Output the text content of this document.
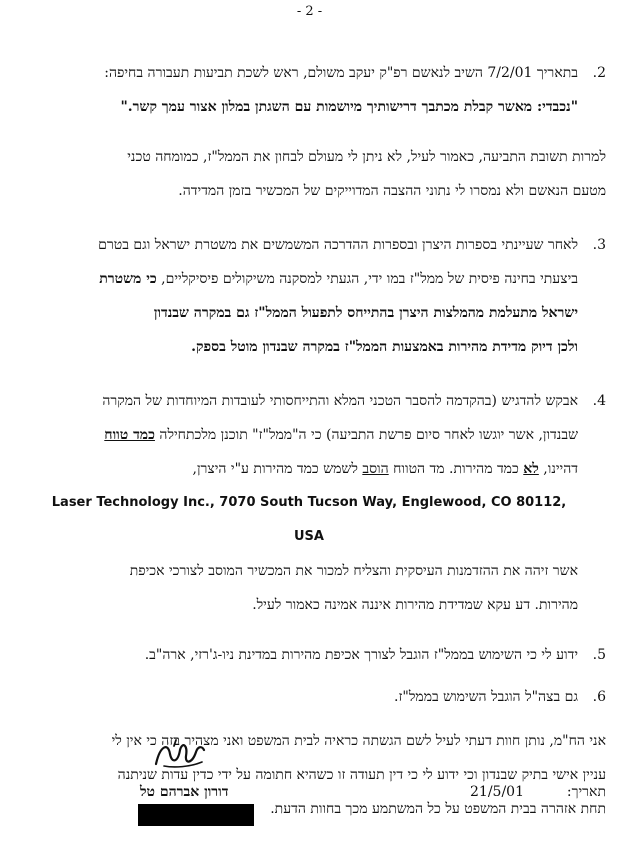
- 2 -
.2
בתאריך 7/2/01 השיב לנאשם רפ"ק יעקב משולם, ראש לשכת תביעות תעבורה בחיפה:
"נכבדי: מאשר קבלת מכתבך דרישותיך מיושמות עם השגתן במלון אצור עמך קשר."
למרות תשובת התביעה, כאמור לעיל, לא ניתן לי מעולם לבחון את הממל"ז, כמומחה טכני
מטעם הנאשם ולא נמסרו לי נתוני ההצבה המדוייקים של המכשיר בזמן המדידה.
.3
לאחר שעיינתי בספרות היצרן ובספרות ההדרכה המשמשים את משטרת ישראל וגם בטרם
ביצעתי בחינה פיסית של ממל"ז במו ידי, הגעתי למסקנה משיקולים פיסיקליים, כי משטרת
ישראל מתעלמת מהמלצות היצרן בהתייחס לתפעול הממל"ז גם במקרה שבנדון
ולכן דיוק מדידת מהירות באמצעות הממל"ז במקרה שבנדון מוטל בספק.
.4
אבקש להדגיש (בהקדמה להסבר הטכני המלא והתייחסותי לעובדות המיוחדות של המקרה
שבנדון, אשר יוגשו לאחר סיום פרשת התביעה) כי ה"ממל"ז" תוכנן מלכתחילה כמד טווח
דהיינו, לא כמד מהירות. מד הטווח הוסב לשמש כמד מהירות ע"י היצרן,
Laser Technology Inc., 7070 South Tucson Way, Englewood, CO 80112, USA
אשר זיהה את ההזדמנות העיסקית והצליח למכור את המכשיר המוסב לצורכי אכיפת
מהירות. דע עקא שמדידת מהירות איננה אמינה כאמור לעיל.
.5
ידוע לי כי השימוש בממל"ז הוגבל לצורך אכיפת מהירות במדינת ניו-ג'רזי, ארה"ב.
.6
גם בצה"ל הוגבל השימוש בממל"ז.
אני הח"מ, נותן חוות דעתי לעיל לשם הגשתה כראיה לבית המשפט ואני מצהיר בזה כי אין לי
עניין אישי בתיק שבנדון וכי ידוע לי כי דין תעודה זו כשהיא חתומה על ידי כדין עדות שניתנה
תחת אזהרה בבית המשפט על כל המשתמע מכך בחוות הדעת.
תאריך:
21/5/01
דורון אברהם טל
